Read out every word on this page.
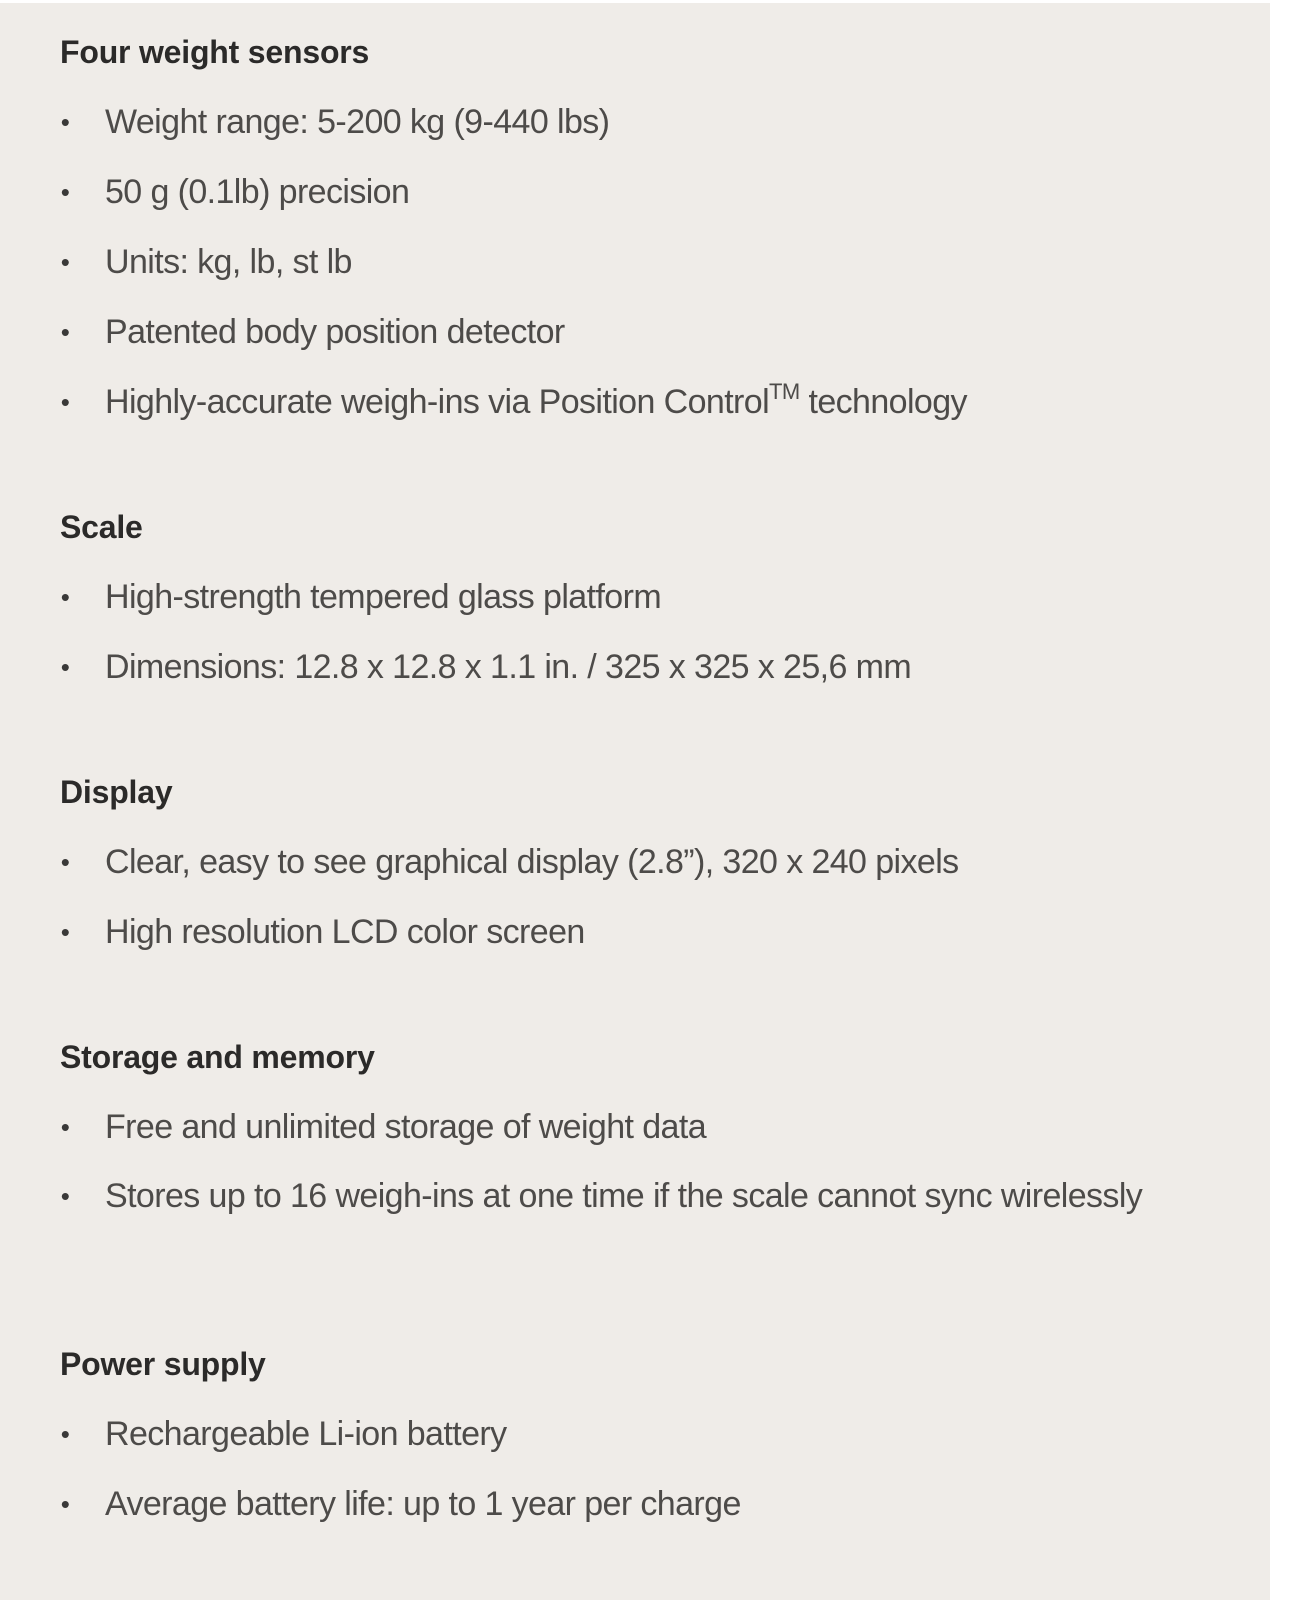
Four weight sensors
• Weight range: 5-200 kg (9-440 lbs)
• 50 g (0.1lb) precision
• Units: kg, lb, st lb
• Patented body position detector
• Highly-accurate weigh-ins via Position Control™ technology
Scale
• High-strength tempered glass platform
• Dimensions: 12.8 x 12.8 x 1.1 in. / 325 x 325 x 25,6 mm
Display
• Clear, easy to see graphical display (2.8”), 320 x 240 pixels
• High resolution LCD color screen
Storage and memory
• Free and unlimited storage of weight data
• Stores up to 16 weigh-ins at one time if the scale cannot sync wirelessly
Power supply
• Rechargeable Li-ion battery
• Average battery life: up to 1 year per charge
